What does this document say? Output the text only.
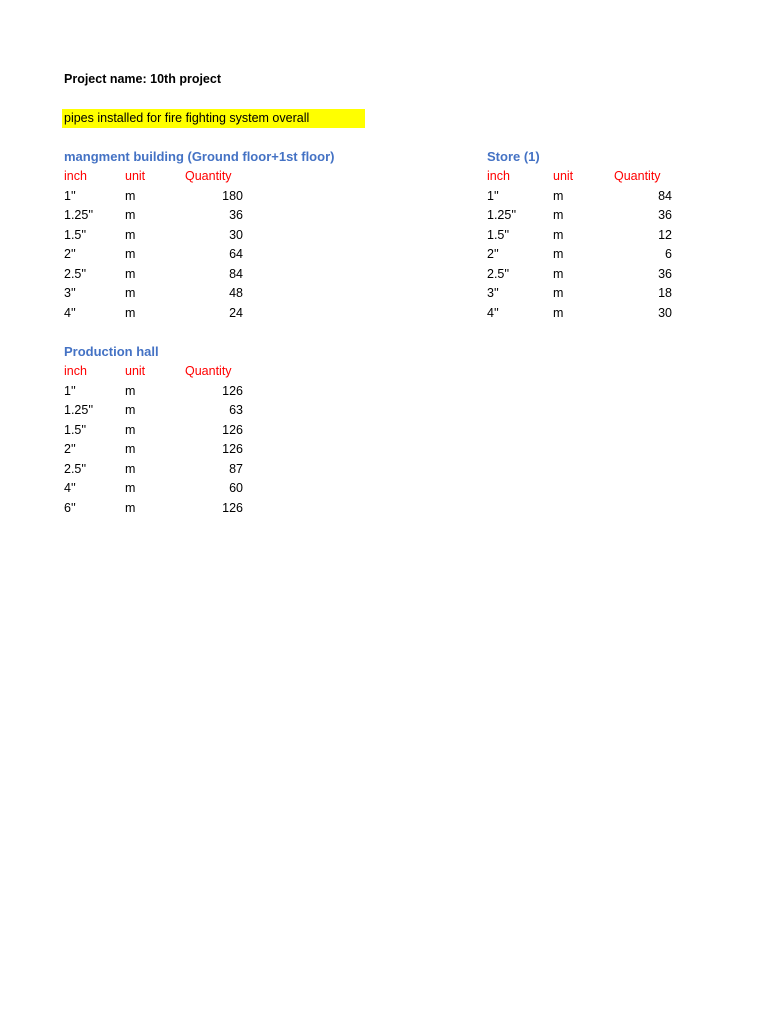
Project name: 10th project
pipes installed for fire fighting system overall
mangment building (Ground floor+1st floor)
inch	unit	Quantity
1''	m	180
1.25''	m	36
1.5''	m	30
2''	m	64
2.5''	m	84
3''	m	48
4''	m	24
Store (1)
inch	unit	Quantity
1''	m	84
1.25''	m	36
1.5''	m	12
2''	m	6
2.5''	m	36
3''	m	18
4''	m	30
Production hall
inch	unit	Quantity
1''	m	126
1.25''	m	63
1.5''	m	126
2''	m	126
2.5''	m	87
4''	m	60
6''	m	126
